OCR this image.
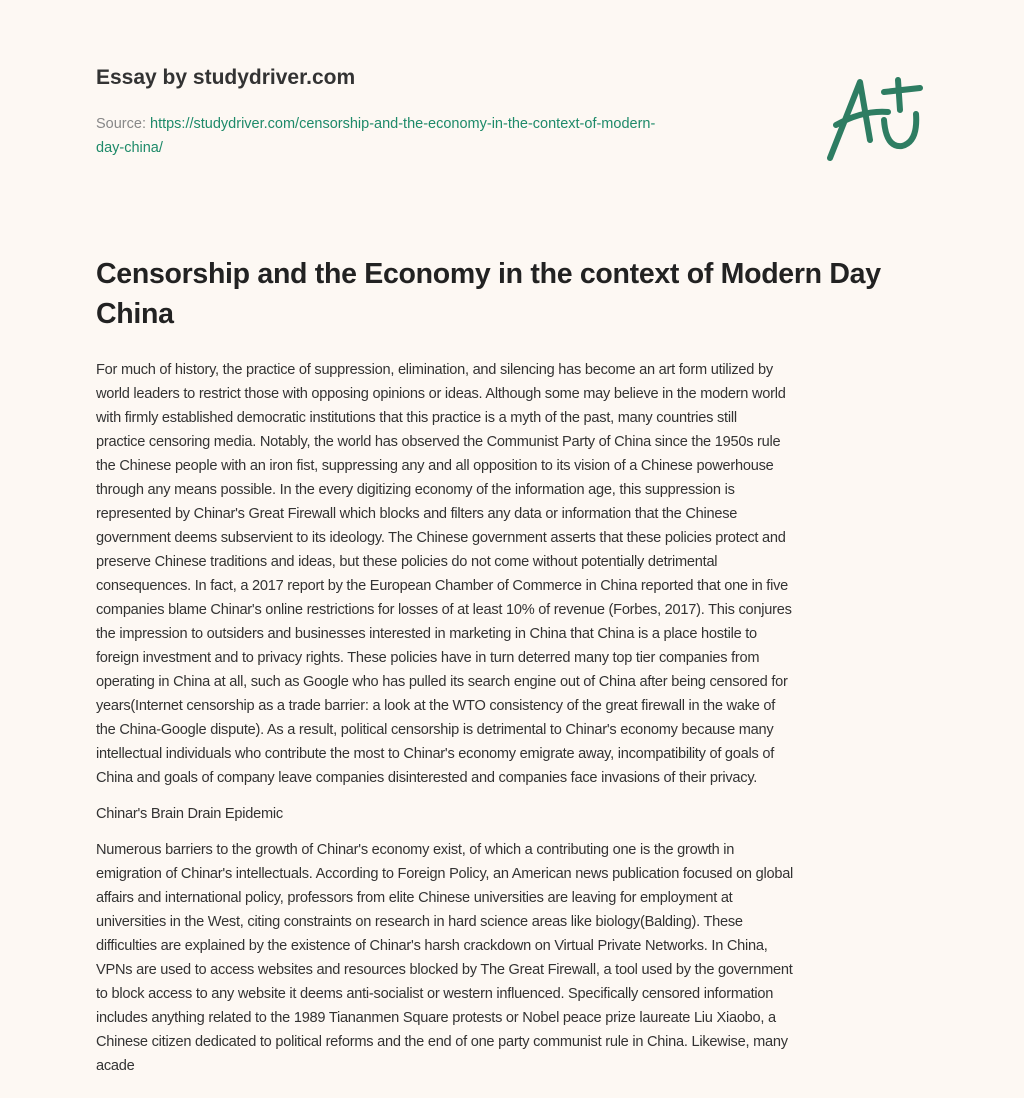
Essay by studydriver.com
Source: https://studydriver.com/censorship-and-the-economy-in-the-context-of-modern-
day-china/
Censorship and the Economy in the context of Modern Day China
For much of history, the practice of suppression, elimination, and silencing has become an art form utilized by
world leaders to restrict those with opposing opinions or ideas. Although some may believe in the modern world
with firmly established democratic institutions that this practice is a myth of the past, many countries still
practice censoring media. Notably, the world has observed the Communist Party of China since the 1950s rule
the Chinese people with an iron fist, suppressing any and all opposition to its vision of a Chinese powerhouse
through any means possible. In the every digitizing economy of the information age, this suppression is
represented by Chinar's Great Firewall which blocks and filters any data or information that the Chinese
government deems subservient to its ideology. The Chinese government asserts that these policies protect and
preserve Chinese traditions and ideas, but these policies do not come without potentially detrimental
consequences. In fact, a 2017 report by the European Chamber of Commerce in China reported that one in five
companies blame Chinar's online restrictions for losses of at least 10% of revenue (Forbes, 2017). This conjures
the impression to outsiders and businesses interested in marketing in China that China is a place hostile to
foreign investment and to privacy rights. These policies have in turn deterred many top tier companies from
operating in China at all, such as Google who has pulled its search engine out of China after being censored for
years(Internet censorship as a trade barrier: a look at the WTO consistency of the great firewall in the wake of
the China-Google dispute). As a result, political censorship is detrimental to Chinar's economy because many
intellectual individuals who contribute the most to Chinar's economy emigrate away, incompatibility of goals of
China and goals of company leave companies disinterested and companies face invasions of their privacy.
Chinar's Brain Drain Epidemic
Numerous barriers to the growth of Chinar's economy exist, of which a contributing one is the growth in
emigration of Chinar's intellectuals. According to Foreign Policy, an American news publication focused on global
affairs and international policy, professors from elite Chinese universities are leaving for employment at
universities in the West, citing constraints on research in hard science areas like biology(Balding). These
difficulties are explained by the existence of Chinar's harsh crackdown on Virtual Private Networks. In China,
VPNs are used to access websites and resources blocked by The Great Firewall, a tool used by the government
to block access to any website it deems anti-socialist or western influenced. Specifically censored information
includes anything related to the 1989 Tiananmen Square protests or Nobel peace prize laureate Liu Xiaobo, a
Chinese citizen dedicated to political reforms and the end of one party communist rule in China. Likewise, many
acade
